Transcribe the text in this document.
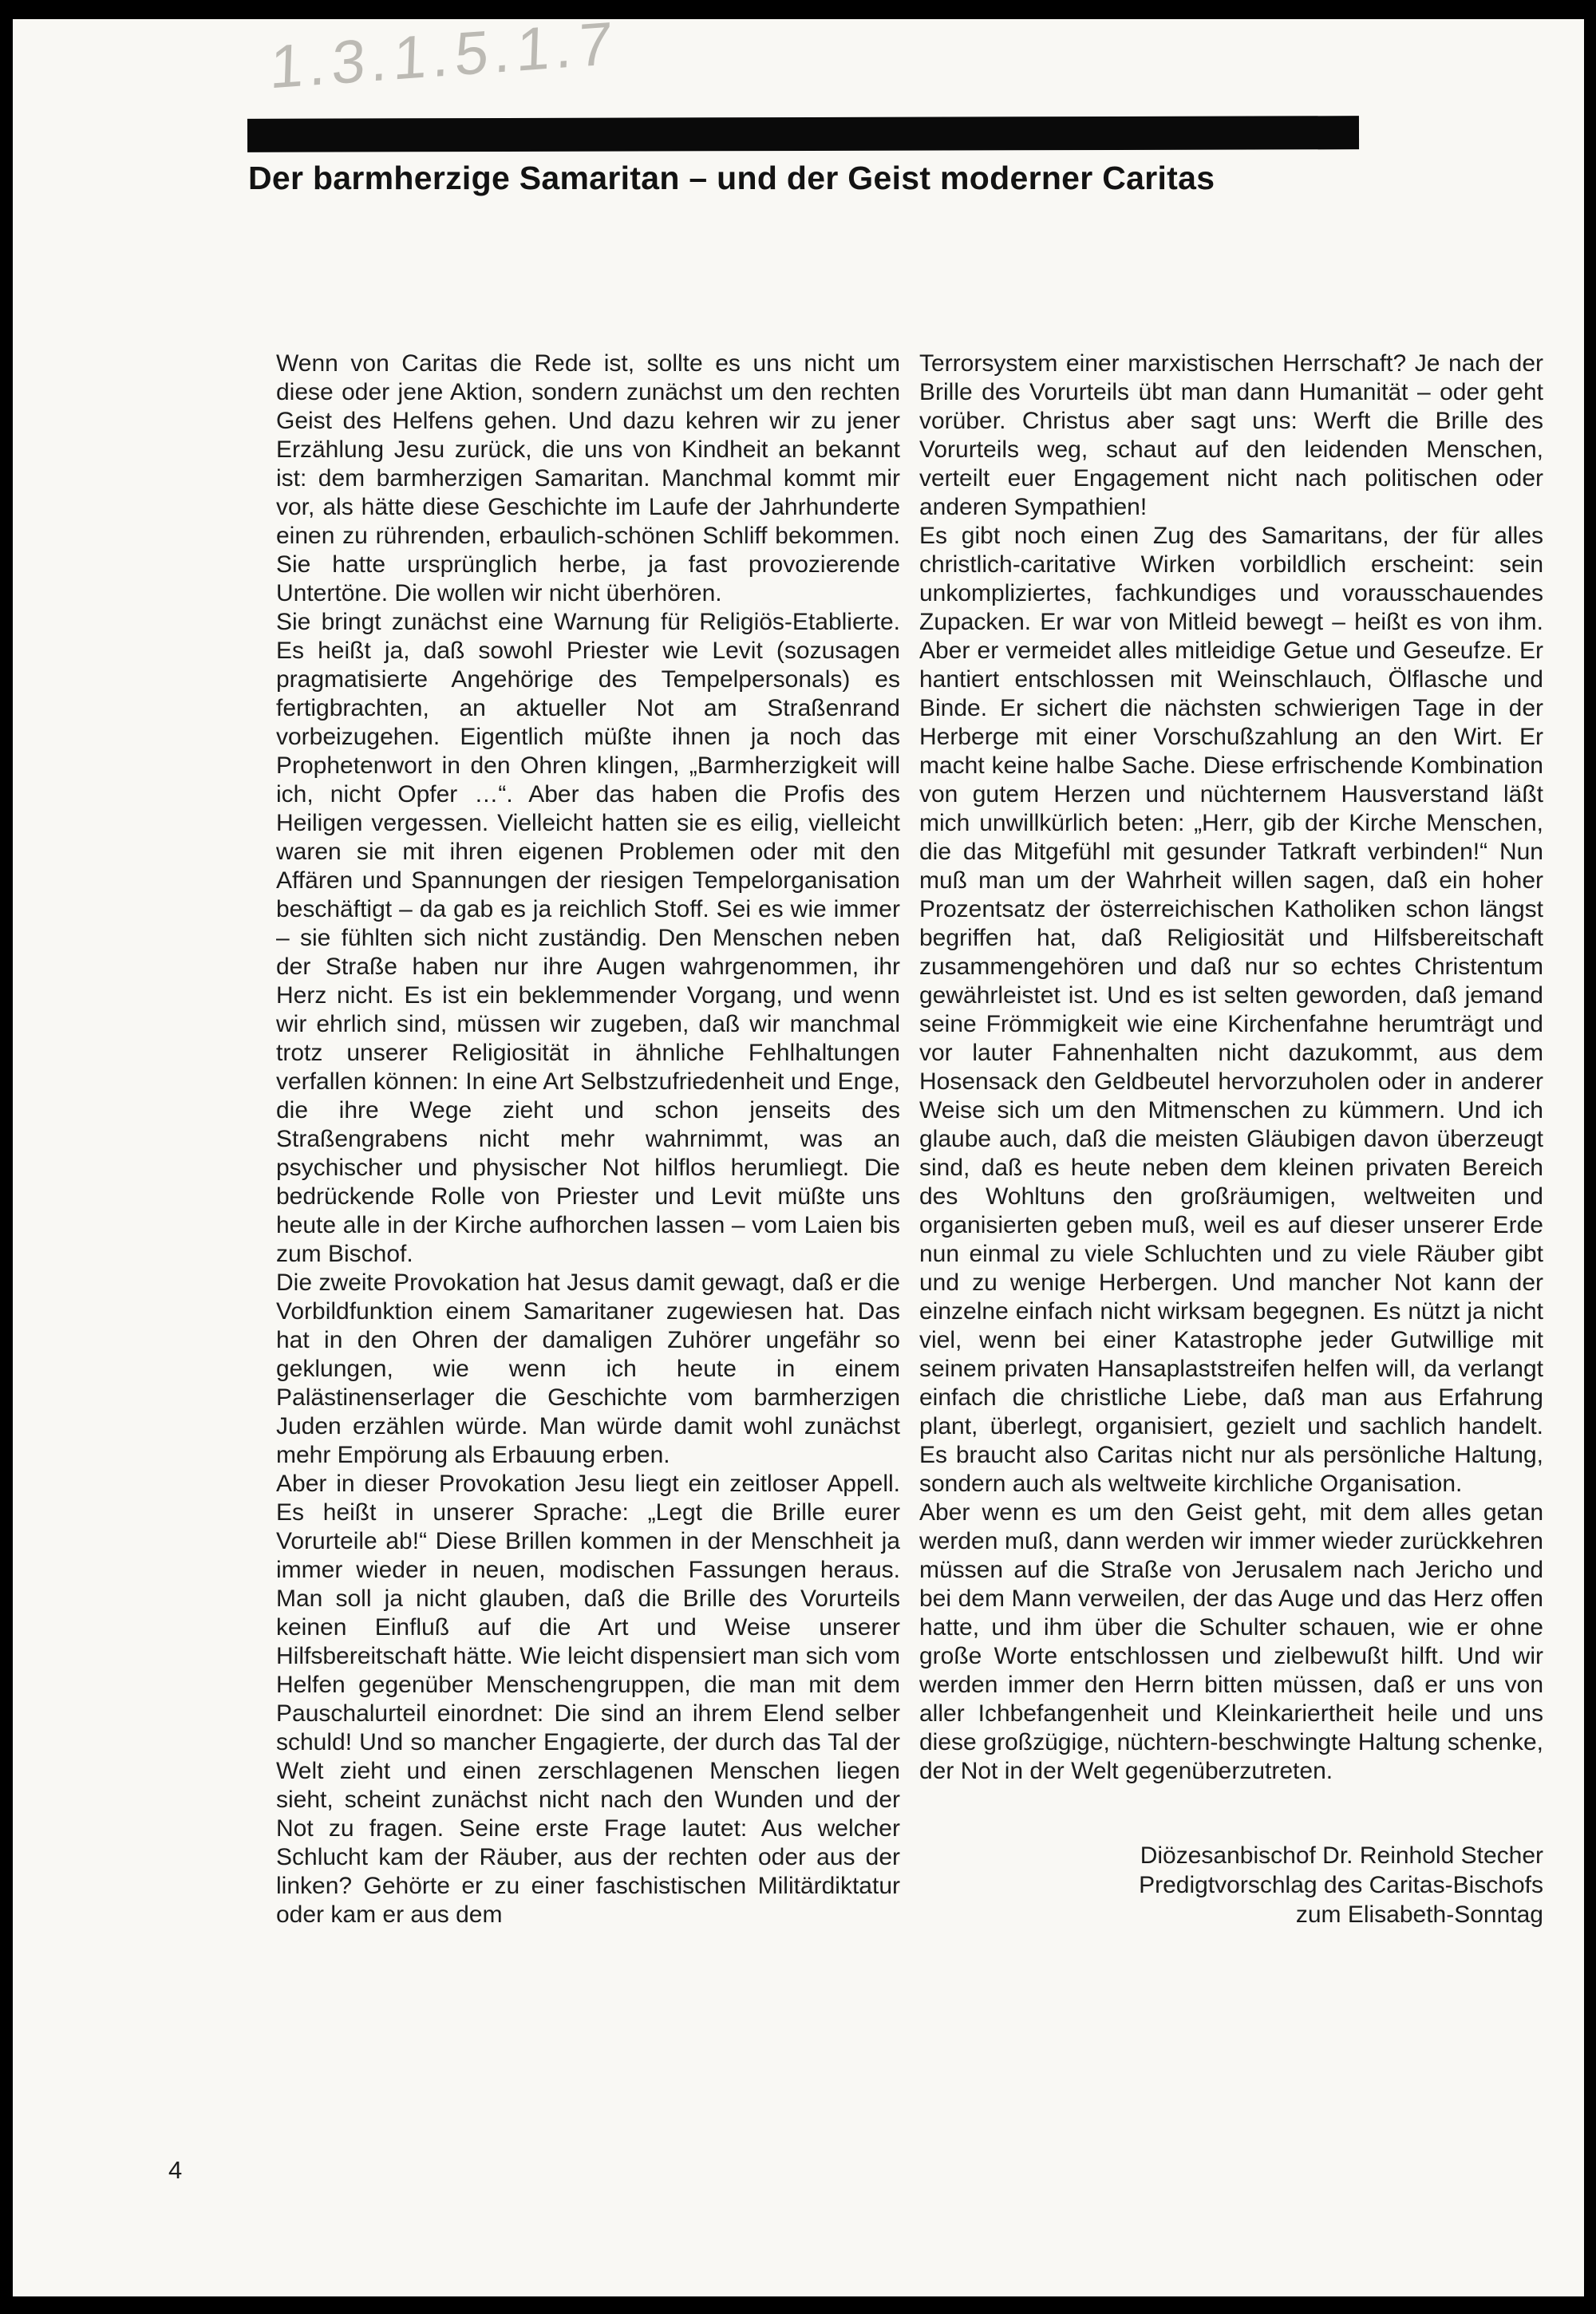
1.3.1.5.1.7
Der barmherzige Samaritan – und der Geist moderner Caritas

Wenn von Caritas die Rede ist, sollte es uns nicht um diese oder jene Aktion, sondern zunächst um den rechten Geist des Helfens gehen. Und dazu kehren wir zu jener Erzählung Jesu zurück, die uns von Kindheit an bekannt ist: dem barmherzigen Samaritan. Manchmal kommt mir vor, als hätte diese Geschichte im Laufe der Jahrhunderte einen zu rührenden, erbaulich-schönen Schliff bekommen. Sie hatte ursprünglich herbe, ja fast provozierende Untertöne. Die wollen wir nicht überhören.

Sie bringt zunächst eine Warnung für Religiös-Etablierte. Es heißt ja, daß sowohl Priester wie Levit (sozusagen pragmatisierte Angehörige des Tempelpersonals) es fertigbrachten, an aktueller Not am Straßenrand vorbeizugehen. Eigentlich müßte ihnen ja noch das Prophetenwort in den Ohren klingen, „Barmherzigkeit will ich, nicht Opfer …“. Aber das haben die Profis des Heiligen vergessen. Vielleicht hatten sie es eilig, vielleicht waren sie mit ihren eigenen Problemen oder mit den Affären und Spannungen der riesigen Tempelorganisation beschäftigt – da gab es ja reichlich Stoff. Sei es wie immer – sie fühlten sich nicht zuständig. Den Menschen neben der Straße haben nur ihre Augen wahrgenommen, ihr Herz nicht. Es ist ein beklemmender Vorgang, und wenn wir ehrlich sind, müssen wir zugeben, daß wir manchmal trotz unserer Religiosität in ähnliche Fehlhaltungen verfallen können: In eine Art Selbstzufriedenheit und Enge, die ihre Wege zieht und schon jenseits des Straßengrabens nicht mehr wahrnimmt, was an psychischer und physischer Not hilflos herumliegt. Die bedrückende Rolle von Priester und Levit müßte uns heute alle in der Kirche aufhorchen lassen – vom Laien bis zum Bischof.

Die zweite Provokation hat Jesus damit gewagt, daß er die Vorbildfunktion einem Samaritaner zugewiesen hat. Das hat in den Ohren der damaligen Zuhörer ungefähr so geklungen, wie wenn ich heute in einem Palästinenserlager die Geschichte vom barmherzigen Juden erzählen würde. Man würde damit wohl zunächst mehr Empörung als Erbauung erben.

Aber in dieser Provokation Jesu liegt ein zeitloser Appell. Es heißt in unserer Sprache: „Legt die Brille eurer Vorurteile ab!“ Diese Brillen kommen in der Menschheit ja immer wieder in neuen, modischen Fassungen heraus. Man soll ja nicht glauben, daß die Brille des Vorurteils keinen Einfluß auf die Art und Weise unserer Hilfsbereitschaft hätte. Wie leicht dispensiert man sich vom Helfen gegenüber Menschengruppen, die man mit dem Pauschalurteil einordnet: Die sind an ihrem Elend selber schuld! Und so mancher Engagierte, der durch das Tal der Welt zieht und einen zerschlagenen Menschen liegen sieht, scheint zunächst nicht nach den Wunden und der Not zu fragen. Seine erste Frage lautet: Aus welcher Schlucht kam der Räuber, aus der rechten oder aus der linken? Gehörte er zu einer faschistischen Militärdiktatur oder kam er aus dem

Terrorsystem einer marxistischen Herrschaft? Je nach der Brille des Vorurteils übt man dann Humanität – oder geht vorüber. Christus aber sagt uns: Werft die Brille des Vorurteils weg, schaut auf den leidenden Menschen, verteilt euer Engagement nicht nach politischen oder anderen Sympathien!

Es gibt noch einen Zug des Samaritans, der für alles christlich-caritative Wirken vorbildlich erscheint: sein unkompliziertes, fachkundiges und vorausschauendes Zupacken. Er war von Mitleid bewegt – heißt es von ihm. Aber er vermeidet alles mitleidige Getue und Geseufze. Er hantiert entschlossen mit Weinschlauch, Ölflasche und Binde. Er sichert die nächsten schwierigen Tage in der Herberge mit einer Vorschußzahlung an den Wirt. Er macht keine halbe Sache. Diese erfrischende Kombination von gutem Herzen und nüchternem Hausverstand läßt mich unwillkürlich beten: „Herr, gib der Kirche Menschen, die das Mitgefühl mit gesunder Tatkraft verbinden!“ Nun muß man um der Wahrheit willen sagen, daß ein hoher Prozentsatz der österreichischen Katholiken schon längst begriffen hat, daß Religiosität und Hilfsbereitschaft zusammengehören und daß nur so echtes Christentum gewährleistet ist. Und es ist selten geworden, daß jemand seine Frömmigkeit wie eine Kirchenfahne herumträgt und vor lauter Fahnenhalten nicht dazukommt, aus dem Hosensack den Geldbeutel hervorzuholen oder in anderer Weise sich um den Mitmenschen zu kümmern. Und ich glaube auch, daß die meisten Gläubigen davon überzeugt sind, daß es heute neben dem kleinen privaten Bereich des Wohltuns den großräumigen, weltweiten und organisierten geben muß, weil es auf dieser unserer Erde nun einmal zu viele Schluchten und zu viele Räuber gibt und zu wenige Herbergen. Und mancher Not kann der einzelne einfach nicht wirksam begegnen. Es nützt ja nicht viel, wenn bei einer Katastrophe jeder Gutwillige mit seinem privaten Hansaplaststreifen helfen will, da verlangt einfach die christliche Liebe, daß man aus Erfahrung plant, überlegt, organisiert, gezielt und sachlich handelt. Es braucht also Caritas nicht nur als persönliche Haltung, sondern auch als weltweite kirchliche Organisation.

Aber wenn es um den Geist geht, mit dem alles getan werden muß, dann werden wir immer wieder zurückkehren müssen auf die Straße von Jerusalem nach Jericho und bei dem Mann verweilen, der das Auge und das Herz offen hatte, und ihm über die Schulter schauen, wie er ohne große Worte entschlossen und zielbewußt hilft. Und wir werden immer den Herrn bitten müssen, daß er uns von aller Ichbefangenheit und Kleinkariertheit heile und uns diese großzügige, nüchtern-beschwingte Haltung schenke, der Not in der Welt gegenüberzutreten.

Diözesanbischof Dr. Reinhold Stecher
Predigtvorschlag des Caritas-Bischofs
zum Elisabeth-Sonntag
4
